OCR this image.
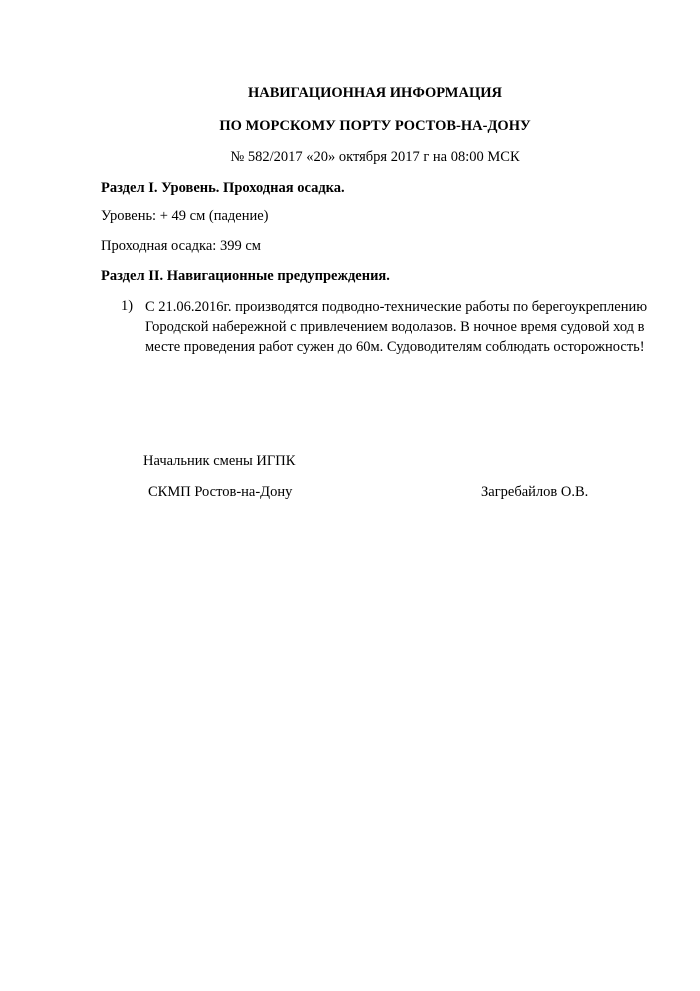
НАВИГАЦИОННАЯ ИНФОРМАЦИЯ
ПО МОРСКОМУ ПОРТУ РОСТОВ-НА-ДОНУ
№ 582/2017 «20» октября 2017 г на 08:00 МСК
Раздел I. Уровень. Проходная осадка.
Уровень: + 49 см (падение)
Проходная осадка: 399 см
Раздел II. Навигационные предупреждения.
1) С 21.06.2016г. производятся подводно-технические работы по берегоукреплению
Городской набережной с привлечением водолазов. В ночное время судовой ход в
месте проведения работ сужен до 60м. Судоводителям соблюдать осторожность!
Начальник смены ИГПК
СКМП Ростов-на-Дону	Загребайлов О.В.
